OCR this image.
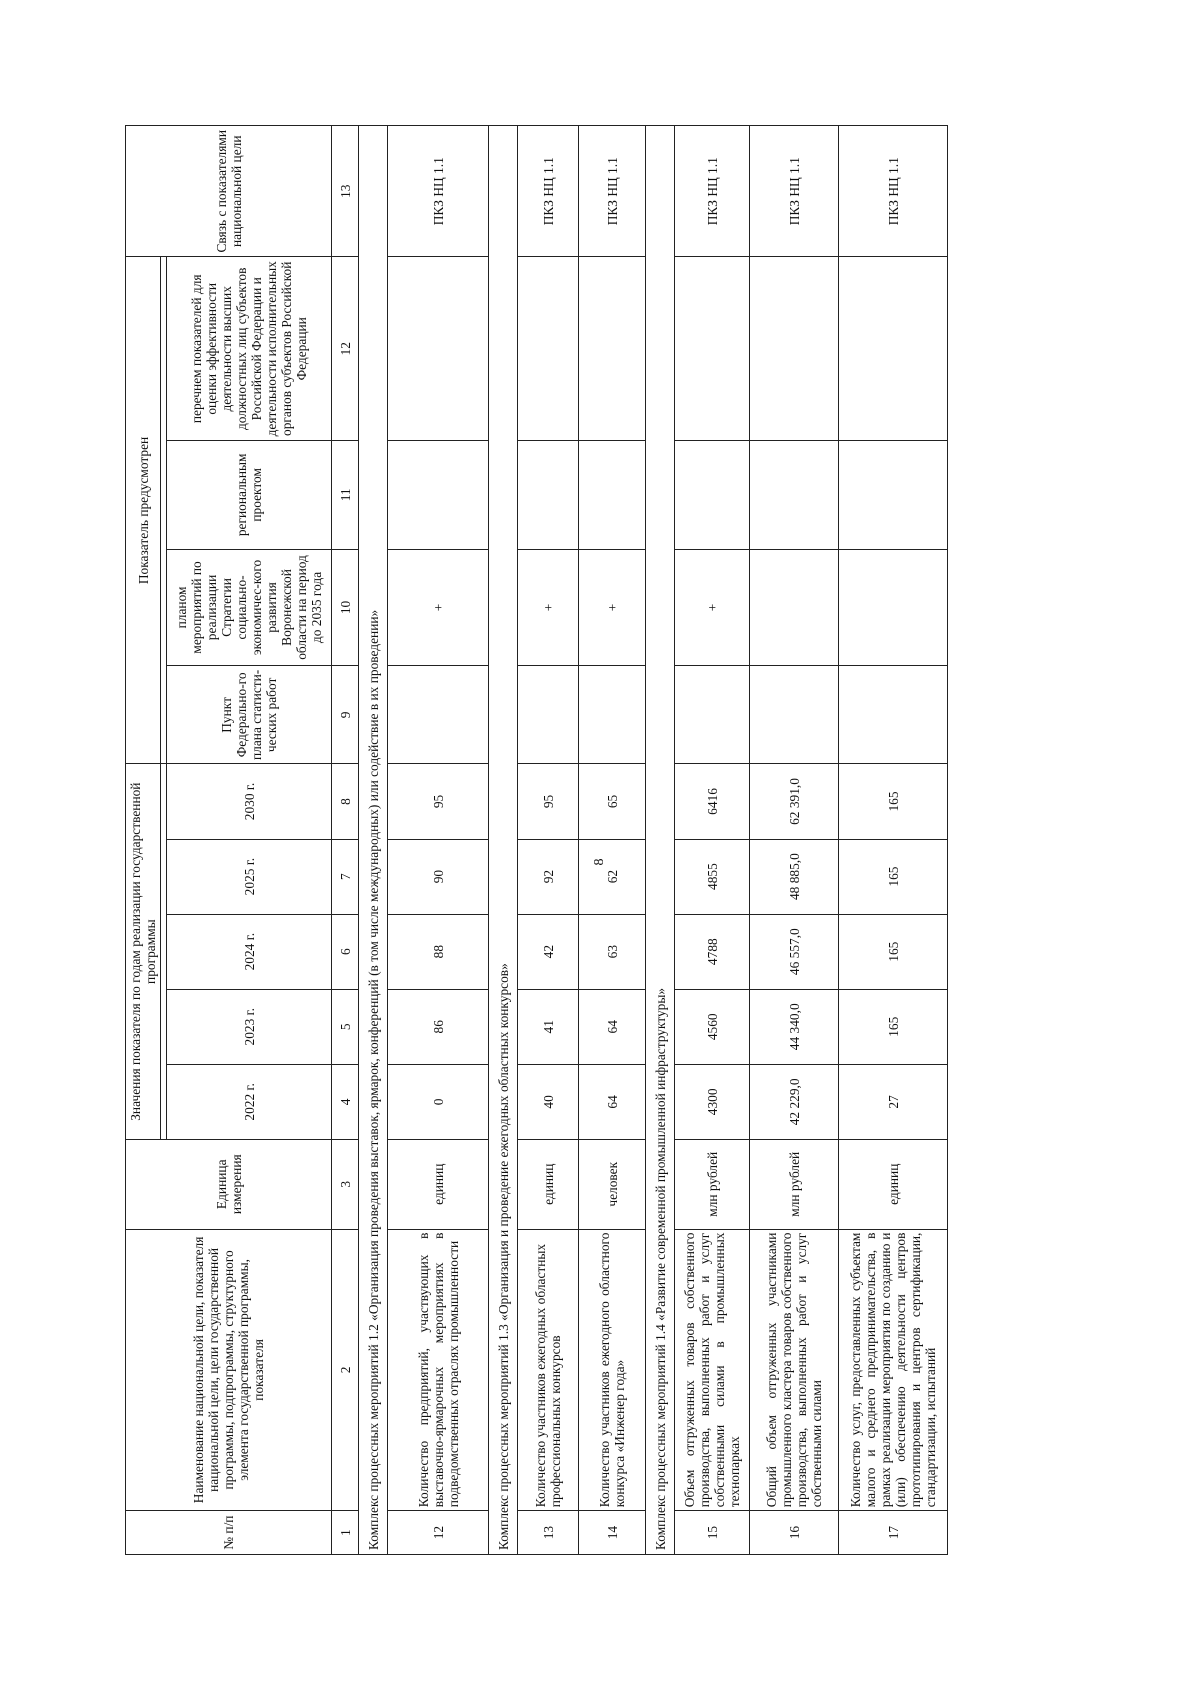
8
№ п/п	Наименование национальной цели, показателя национальной цели, цели государственной программы, подпрограммы, структурного элемента государственной программы, показателя	Единица измерения	Значения показателя по годам реализации государственной программы					Показатель предусмотрен				Связь с показателями национальной цели

			2022 г.	2023 г.	2024 г.	2025 г.	2030 г.	Пункт Федерально-го плана статисти-ческих работ	планом мероприятий по реализации Стратегии социально-экономичес-кого развития Воронежской области на период до 2035 года	региональным проектом	перечнем показателей для оценки эффективности деятельности высших должностных лиц субъектов Российской Федерации и деятельности исполнительных органов субъектов Российской Федерации	
1	2	3	4	5	6	7	8	9	10	11	12	13
Комплекс процессных мероприятий 1.2 «Организация проведения выставок, ярмарок, конференций (в том числе международных) или содействие в их проведении»												
12	Количество предприятий, участвующих в выставочно-ярмарочных мероприятиях в подведомственных отраслях промышленности	единиц	0	86	88	90	95		+			ПКЗ НЦ 1.1
Комплекс процессных мероприятий 1.3 «Организация и проведение ежегодных областных конкурсов»												
13	Количество участников ежегодных областных профессиональных конкурсов	единиц	40	41	42	92	95		+			ПКЗ НЦ 1.1
14	Количество участников ежегодного областного конкурса «Инженер года»	человек	64	64	63	62	65		+			ПКЗ НЦ 1.1
Комплекс процессных мероприятий 1.4 «Развитие современной промышленной инфраструктуры»												
15	Объем отгруженных товаров собственного производства, выполненных работ и услуг собственными силами в промышленных технопарках	млн рублей	4300	4560	4788	4855	6416		+			ПКЗ НЦ 1.1
16	Общий объем отгруженных участниками промышленного кластера товаров собственного производства, выполненных работ и услуг собственными силами	млн рублей	42 229,0	44 340,0	46 557,0	48 885,0	62 391,0					ПКЗ НЦ 1.1
17	Количество услуг, предоставленных субъектам малого и среднего предпринимательства, в рамках реализации мероприятия по созданию и (или) обеспечению деятельности центров прототипирования и центров сертификации, стандартизации, испытаний	единиц	27	165	165	165	165					ПКЗ НЦ 1.1
